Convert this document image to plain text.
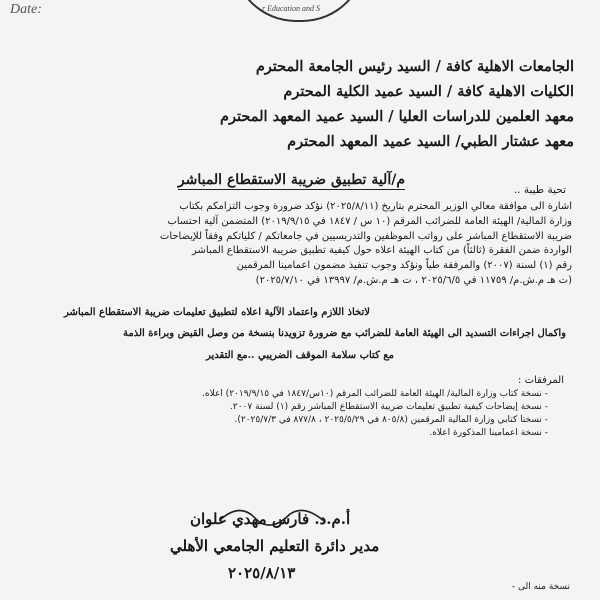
Date:	r Education and S
الجامعات الاهلية كافة / السيد رئيس الجامعة المحترم
الكليات الاهلية كافة / السيد عميد الكلية المحترم
معهد العلمين للدراسات العليا / السيد عميد المعهد المحترم
معهد عشتار الطبي/ السيد عميد المعهد المحترم
م/آلية تطبيق ضريبة الاستقطاع المباشر
تحية طيبة ..
اشارة الى موافقة معالي الوزير المحترم بتاريخ (٢٠٢٥/٨/١١) نؤكد ضرورة وجوب التزامكم بكتاب
وزارة المالية/ الهيئة العامة للضرائب المرقم (١٠ س / ١٨٤٧ في ٢٠١٩/٩/١٥) المتضمن آلية احتساب
ضريبة الاستقطاع المباشر على رواتب الموظفين والتدريسيين في جامعاتكم / كلياتكم وفقاً للإيضاحات
الواردة ضمن الفقرة (ثالثاً) من كتاب الهيئة اعلاه حول كيفية تطبيق ضريبة الاستقطاع المباشر
رقم (١) لسنة (٢٠٠٧) والمرفقة طياً ونؤكد وجوب تنفيذ مضمون اعمامينا المرقمين
(ت هـ م.ش.م/ ١١٧٥٩ في ٢٠٢٥/٦/٥ ، ت هـ م.ش.م/ ١٣٩٩٧ في ٢٠٢٥/٧/١٠)
لاتخاذ اللازم واعتماد الآلية اعلاه لتطبيق تعليمات ضريبة الاستقطاع المباشر
واكمال اجراءات التسديد الى الهيئة العامة للضرائب مع ضرورة تزويدنا بنسخة من وصل القبض وبراءة الذمة
مع كتاب سلامة الموقف الضريبي ..مع التقدير
المرفقات :
- نسخة كتاب وزارة المالية/ الهيئة العامة للضرائب المرقم (١٠س/١٨٤٧ في ٢٠١٩/٩/١٥) اعلاه.
- نسخة إيضاحات كيفية تطبيق تعليمات ضريبة الاستقطاع المباشر رقم (١) لسنة ٢٠٠٧.
- نسختا كتابي وزارة المالية المرقمين (٨٠٥/٨ في ٢٠٢٥/٥/٢٩ ، ٨٧٧/٨ في ٢٠٢٥/٧/٣).
- نسخة اعمامينا المذكورة اعلاه.
أ.م.د. فارس مهدي علوان
مدير دائرة التعليم الجامعي الأهلي
٢٠٢٥/٨/١٣
نسخة منه الى -
